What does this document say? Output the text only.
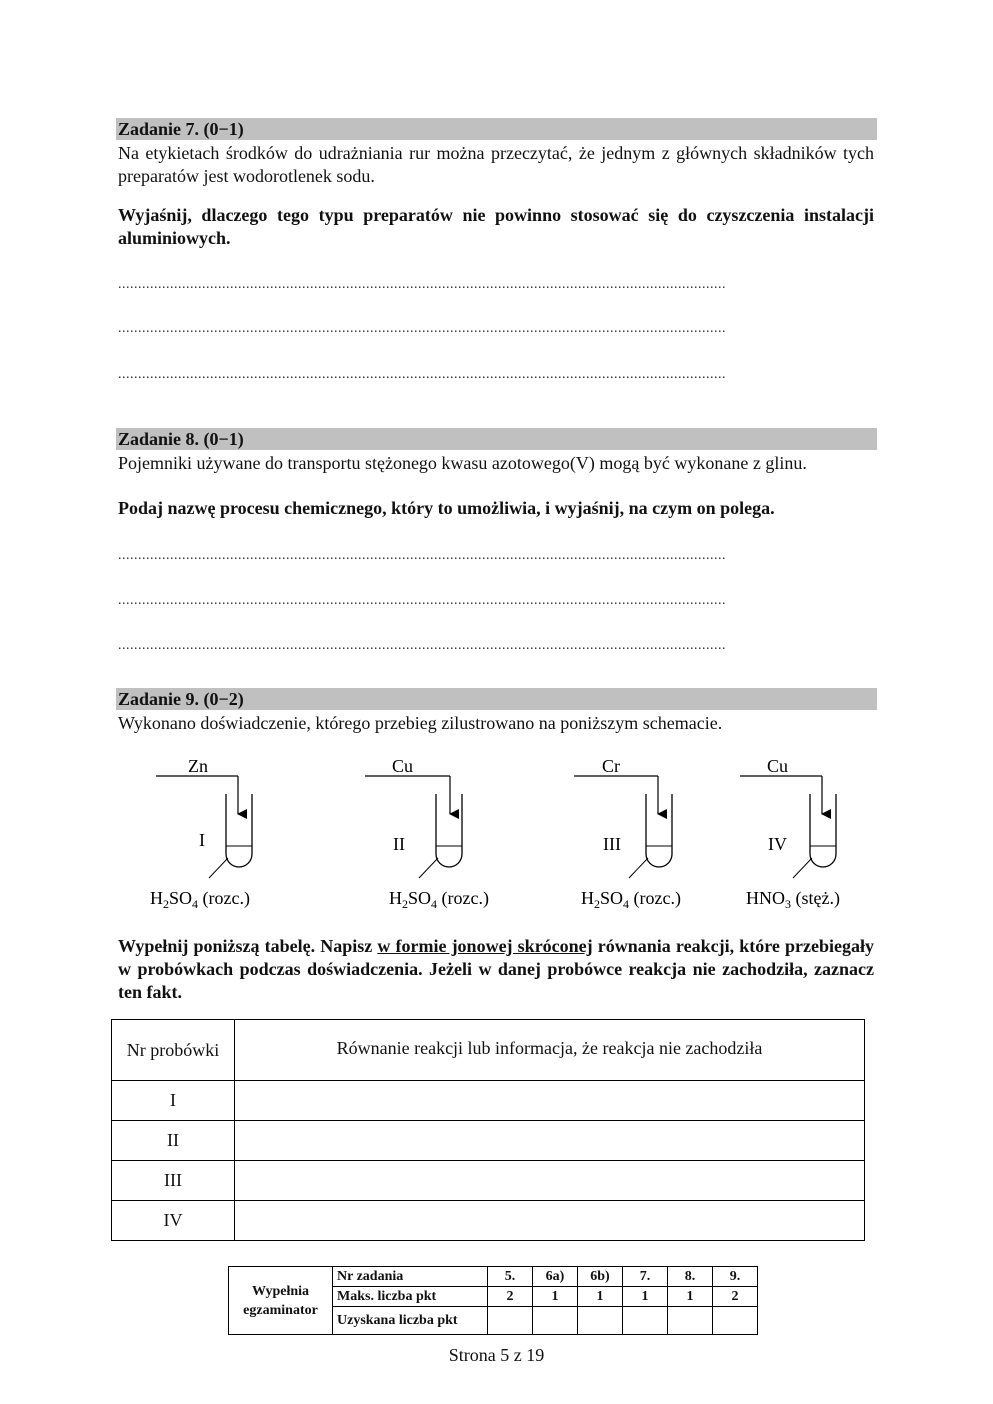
Zadanie 7. (0−1)
Na etykietach środków do udrażniania rur można przeczytać, że jednym z głównych składników tych preparatów jest wodorotlenek sodu.
Wyjaśnij, dlaczego tego typu preparatów nie powinno stosować się do czyszczenia instalacji aluminiowych.
........................................................................................................................................................
........................................................................................................................................................
........................................................................................................................................................
Zadanie 8. (0−1)
Pojemniki używane do transportu stężonego kwasu azotowego(V) mogą być wykonane z glinu.
Podaj nazwę procesu chemicznego, który to umożliwia, i wyjaśnij, na czym on polega.
........................................................................................................................................................
........................................................................................................................................................
........................................................................................................................................................
Zadanie 9. (0−2)
Wykonano doświadczenie, którego przebieg zilustrowano na poniższym schemacie.
Zn
I
$H_2SO_4$ (rozc.)
Cu
II
$H_2SO_4$ (rozc.)
Cr
III
$H_2SO_4$ (rozc.)
Cu
IV
$HNO_3$ (stęż.)
Wypełnij poniższą tabelę. Napisz w formie jonowej skróconej równania reakcji, które przebiegały w probówkach podczas doświadczenia. Jeżeli w danej probówce reakcja nie zachodziła, zaznacz ten fakt.
Nr probówki	Równanie reakcji lub informacja, że reakcja nie zachodziła
I	
II	
III	
IV	
Wypełnia egzaminator	Nr zadania	5.	6a)	6b)	7.	8.	9.
	Maks. liczba pkt	2	1	1	1	1	2
	Uzyskana liczba pkt						
Strona 5 z 19
